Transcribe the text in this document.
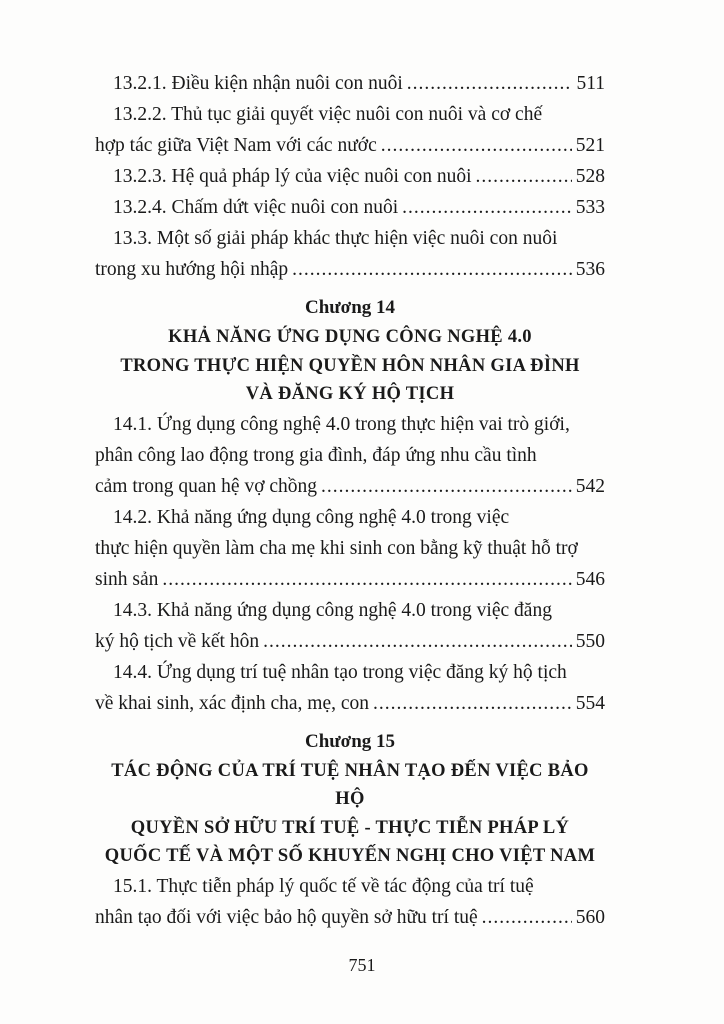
13.2.1. Điều kiện nhận nuôi con nuôi .....	511
13.2.2. Thủ tục giải quyết việc nuôi con nuôi và cơ chế
hợp tác giữa Việt Nam với các nước .....	521
13.2.3. Hệ quả pháp lý của việc nuôi con nuôi .....	528
13.2.4. Chấm dứt việc nuôi con nuôi .....	533
13.3. Một số giải pháp khác thực hiện việc nuôi con nuôi
trong xu hướng hội nhập .....	536
Chương 14
KHẢ NĂNG ỨNG DỤNG CÔNG NGHỆ 4.0
TRONG THỰC HIỆN QUYỀN HÔN NHÂN GIA ĐÌNH
VÀ ĐĂNG KÝ HỘ TỊCH
14.1. Ứng dụng công nghệ 4.0 trong thực hiện vai trò giới,
phân công lao động trong gia đình, đáp ứng nhu cầu tình
cảm trong quan hệ vợ chồng .....	542
14.2. Khả năng ứng dụng công nghệ 4.0 trong việc
thực hiện quyền làm cha mẹ khi sinh con bằng kỹ thuật hỗ trợ
sinh sản .....	546
14.3. Khả năng ứng dụng công nghệ 4.0 trong việc đăng
ký hộ tịch về kết hôn .....	550
14.4. Ứng dụng trí tuệ nhân tạo trong việc đăng ký hộ tịch
về khai sinh, xác định cha, mẹ, con .....	554
Chương 15
TÁC ĐỘNG CỦA TRÍ TUỆ NHÂN TẠO ĐẾN VIỆC BẢO HỘ
QUYỀN SỞ HỮU TRÍ TUỆ - THỰC TIỄN PHÁP LÝ
QUỐC TẾ VÀ MỘT SỐ KHUYẾN NGHỊ CHO VIỆT NAM
15.1. Thực tiễn pháp lý quốc tế về tác động của trí tuệ
nhân tạo đối với việc bảo hộ quyền sở hữu trí tuệ .....	560
751
